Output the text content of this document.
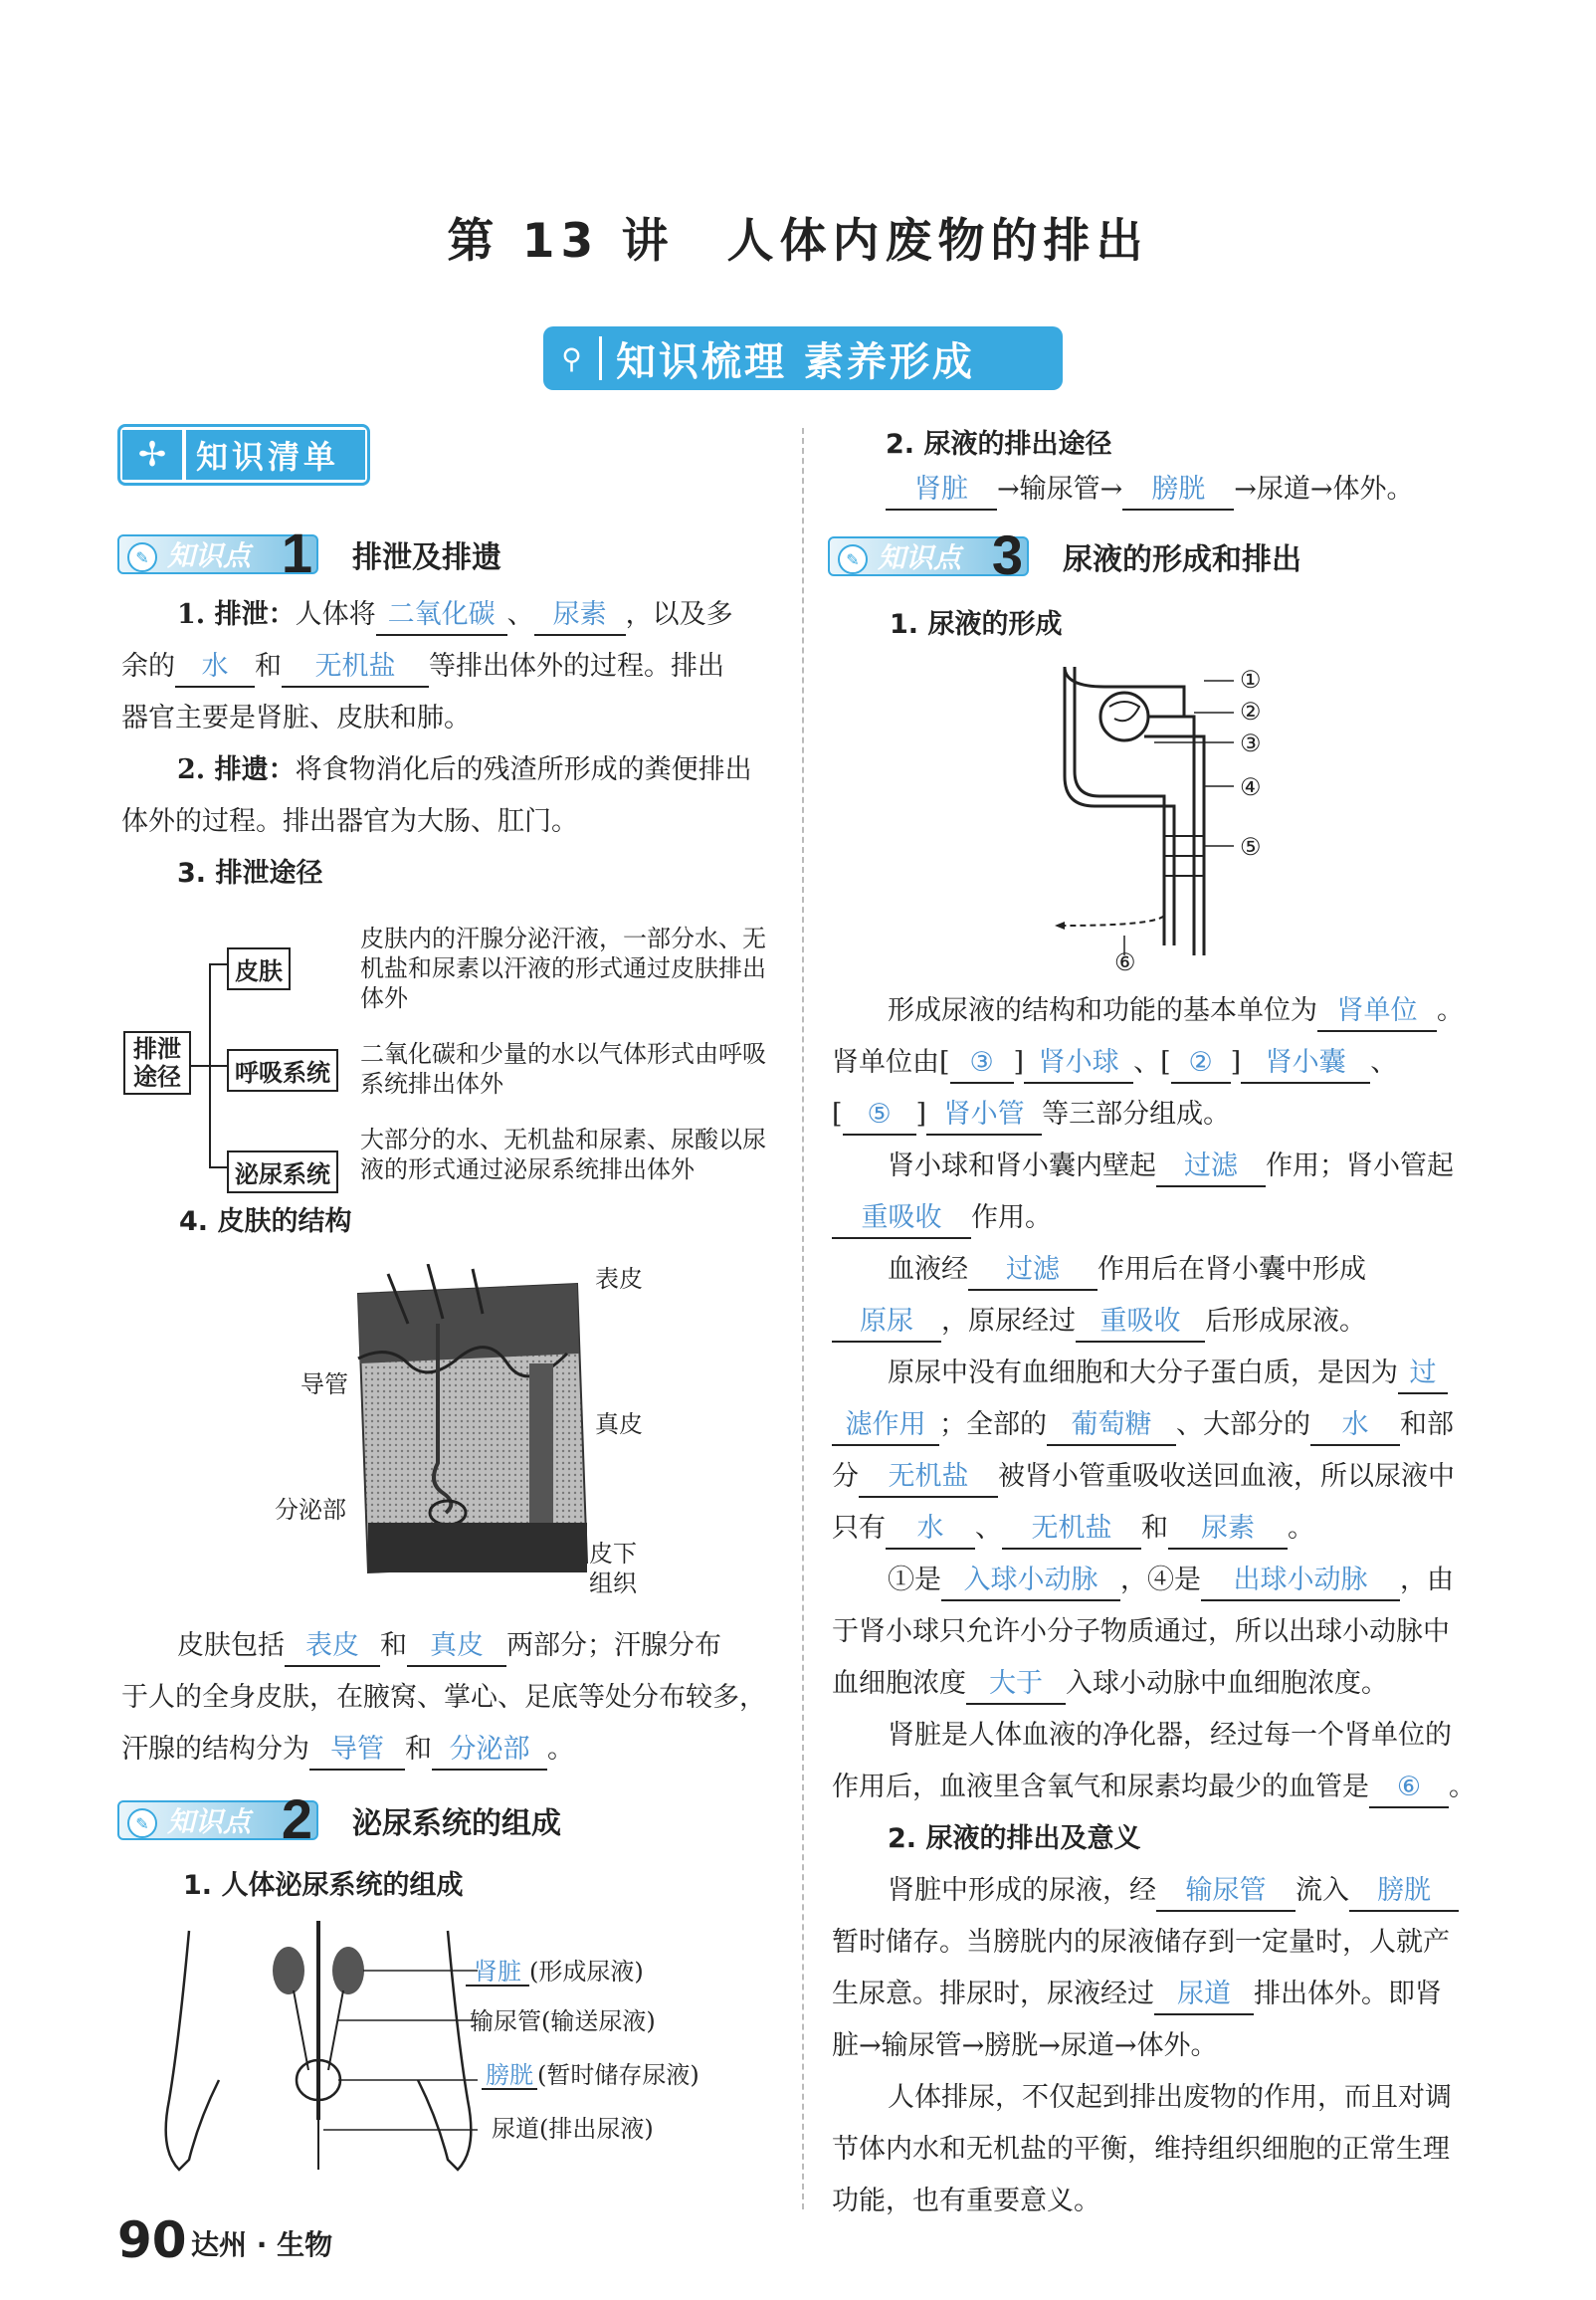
第 13 讲　人体内废物的排出
⚲ 知识梳理 素养形成
✢ 知识清单
✎ 知识点 1 排泄及排遗
1. 排泄：人体将 二氧化碳 、 尿素 ，以及多
余的 水 和 无机盐 等排出体外的过程。排出
器官主要是肾脏、皮肤和肺。
2. 排遗：将食物消化后的残渣所形成的粪便排出
体外的过程。排出器官为大肠、肛门。
3. 排泄途径
排泄途径
皮肤
呼吸系统
泌尿系统
皮肤内的汗腺分泌汗液，一部分水、无机盐和尿素以汗液的形式通过皮肤排出体外
二氧化碳和少量的水以气体形式由呼吸系统排出体外
大部分的水、无机盐和尿素、尿酸以尿液的形式通过泌尿系统排出体外
4. 皮肤的结构
表皮
导管
真皮
分泌部
皮下组织
皮肤包括 表皮 和 真皮 两部分；汗腺分布
于人的全身皮肤，在腋窝、掌心、足底等处分布较多，
汗腺的结构分为 导管 和 分泌部 。
✎ 知识点 2 泌尿系统的组成
1. 人体泌尿系统的组成
肾脏 (形成尿液)
输尿管(输送尿液)
膀胱 (暂时储存尿液)
尿道(排出尿液)
2. 尿液的排出途径
肾脏 →输尿管→ 膀胱 →尿道→体外。
✎ 知识点 3 尿液的形成和排出
1. 尿液的形成
①
②
③
④
⑤
⑥
形成尿液的结构和功能的基本单位为 肾单位 。
肾单位由[ ③ ] 肾小球 、[ ② ] 肾小囊 、
[ ⑤ ] 肾小管 等三部分组成。
肾小球和肾小囊内壁起 过滤 作用；肾小管起
重吸收 作用。
血液经 过滤 作用后在肾小囊中形成
原尿 ，原尿经过 重吸收 后形成尿液。
原尿中没有血细胞和大分子蛋白质，是因为 过
滤作用 ；全部的 葡萄糖 、大部分的 水 和部
分 无机盐 被肾小管重吸收送回血液，所以尿液中
只有 水 、 无机盐 和 尿素 。
①是 入球小动脉 ，④是 出球小动脉 ，由
于肾小球只允许小分子物质通过，所以出球小动脉中
血细胞浓度 大于 入球小动脉中血细胞浓度。
肾脏是人体血液的净化器，经过每一个肾单位的
作用后，血液里含氧气和尿素均最少的血管是 ⑥ 。
2. 尿液的排出及意义
肾脏中形成的尿液，经 输尿管 流入 膀胱
暂时储存。当膀胱内的尿液储存到一定量时，人就产
生尿意。排尿时，尿液经过 尿道 排出体外。即肾
脏→输尿管→膀胱→尿道→体外。
人体排尿，不仅起到排出废物的作用，而且对调
节体内水和无机盐的平衡，维持组织细胞的正常生理
功能，也有重要意义。
90 达州 · 生物
